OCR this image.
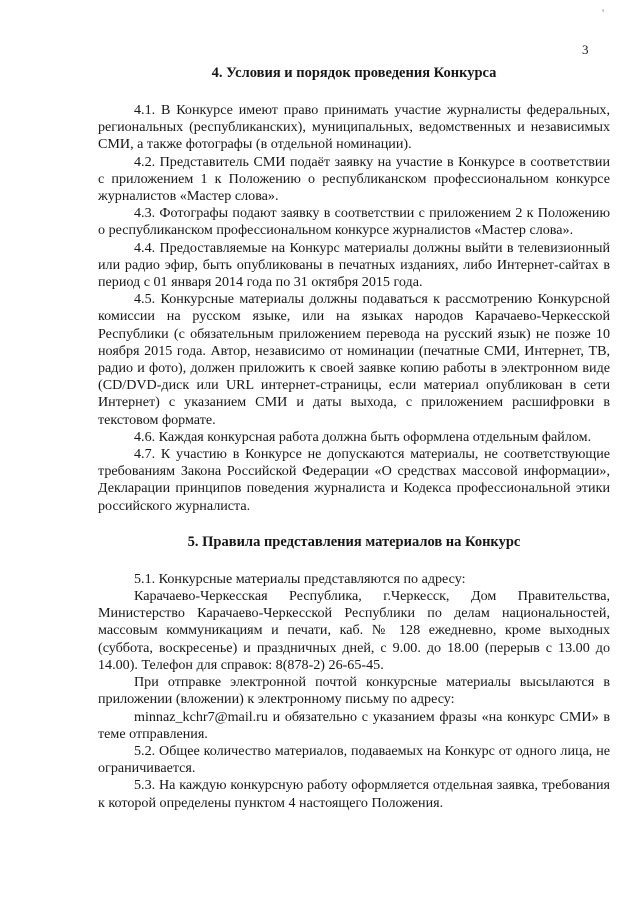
'
3
4. Условия и порядок проведения Конкурса

4.1. В Конкурсе имеют право принимать участие журналисты федеральных, региональных (республиканских), муниципальных, ведомственных и независимых СМИ, а также фотографы (в отдельной номинации).

4.2. Представитель СМИ подаёт заявку на участие в Конкурсе в соответствии с приложением 1 к Положению о республиканском профессиональном конкурсе журналистов «Мастер слова».

4.3. Фотографы подают заявку в соответствии с приложением 2 к Положению о республиканском профессиональном конкурсе журналистов «Мастер слова».

4.4. Предоставляемые на Конкурс материалы должны выйти в телевизионный или радио эфир, быть опубликованы в печатных изданиях, либо Интернет-сайтах в период с 01 января 2014 года по 31 октября 2015 года.

4.5. Конкурсные материалы должны подаваться к рассмотрению Конкурсной комиссии на русском языке, или на языках народов Карачаево-Черкесской Республики (с обязательным приложением перевода на русский язык) не позже 10 ноября 2015 года. Автор, независимо от номинации (печатные СМИ, Интернет, ТВ, радио и фото), должен приложить к своей заявке копию работы в электронном виде (CD/DVD-диск или URL интернет-страницы, если материал опубликован в сети Интернет) с указанием СМИ и даты выхода, с приложением расшифровки в текстовом формате.

4.6. Каждая конкурсная работа должна быть оформлена отдельным файлом.

4.7. К участию в Конкурсе не допускаются материалы, не соответствующие требованиям Закона Российской Федерации «О средствах массовой информации», Декларации принципов поведения журналиста и Кодекса профессиональной этики российского журналиста.

5. Правила представления материалов на Конкурс

5.1. Конкурсные материалы представляются по адресу:

Карачаево-Черкесская Республика, г.Черкесск, Дом Правительства, Министерство Карачаево-Черкесской Республики по делам национальностей, массовым коммуникациям и печати, каб. № 128 ежедневно, кроме выходных (суббота, воскресенье) и праздничных дней, с 9.00. до 18.00 (перерыв с 13.00 до 14.00). Телефон для справок: 8(878-2) 26-65-45.

При отправке электронной почтой конкурсные материалы высылаются в приложении (вложении) к электронному письму по адресу:

minnaz_kchr7@mail.ru и обязательно с указанием фразы «на конкурс СМИ» в теме отправления.

5.2. Общее количество материалов, подаваемых на Конкурс от одного лица, не ограничивается.

5.3. На каждую конкурсную работу оформляется отдельная заявка, требования к которой определены пунктом 4 настоящего Положения.
